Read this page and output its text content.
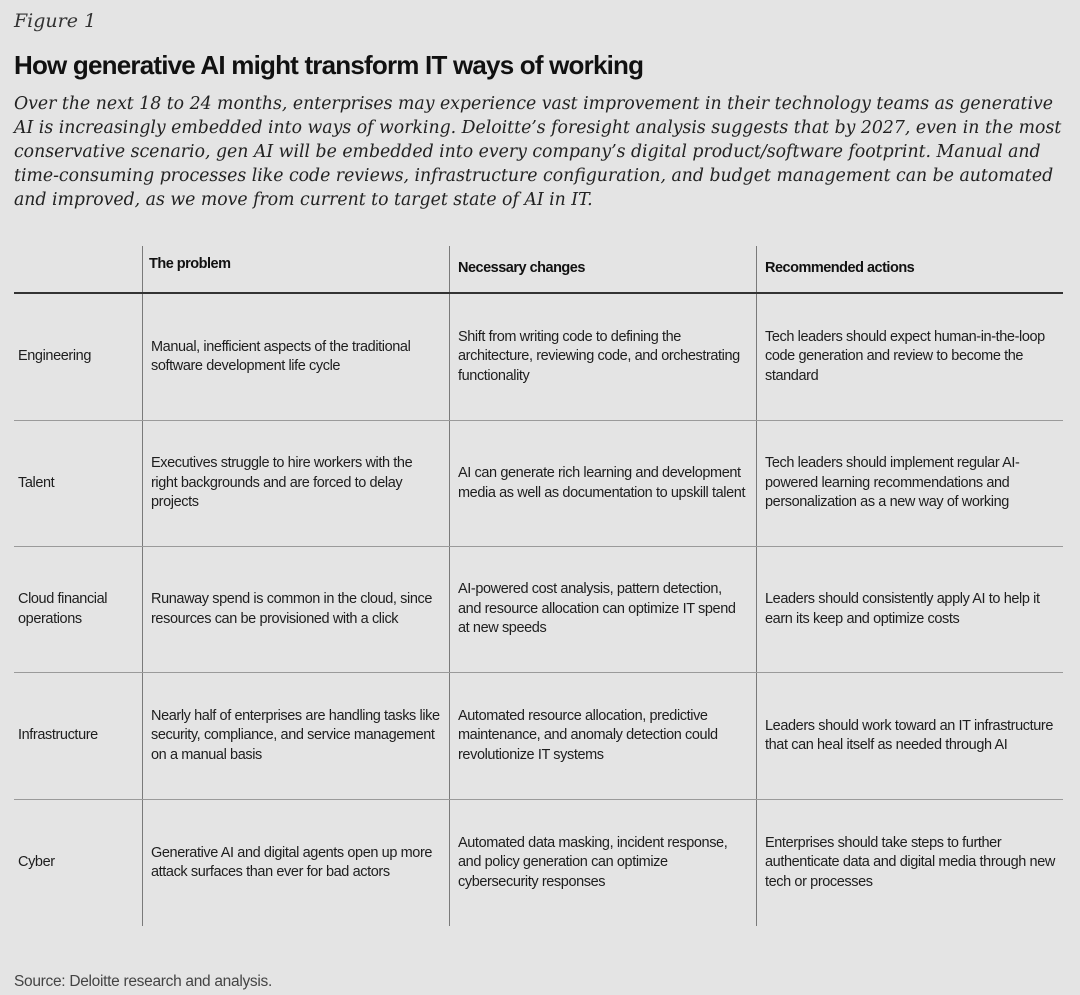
Figure 1
How generative AI might transform IT ways of working

Over the next 18 to 24 months, enterprises may experience vast improvement in their technology teams as generative AI is increasingly embedded into ways of working. Deloitte’s foresight analysis suggests that by 2027, even in the most conservative scenario, gen AI will be embedded into every company’s digital product/software footprint. Manual and time-consuming processes like code reviews, infrastructure configuration, and budget management can be automated and improved, as we move from current to target state of AI in IT.

The problem	Necessary changes	Recommended actions
Engineering
Manual, inefficient aspects of the traditional software development life cycle
Shift from writing code to defining the architecture, reviewing code, and orchestrating functionality
Tech leaders should expect human-in-the-loop code generation and review to become the standard
Talent
Executives struggle to hire workers with the right backgrounds and are forced to delay projects
AI can generate rich learning and development media as well as documentation to upskill talent
Tech leaders should implement regular AI-powered learning recommendations and personalization as a new way of working
Cloud financial operations
Runaway spend is common in the cloud, since resources can be provisioned with a click
AI-powered cost analysis, pattern detection, and resource allocation can optimize IT spend at new speeds
Leaders should consistently apply AI to help it earn its keep and optimize costs
Infrastructure
Nearly half of enterprises are handling tasks like security, compliance, and service management on a manual basis
Automated resource allocation, predictive maintenance, and anomaly detection could revolutionize IT systems
Leaders should work toward an IT infrastructure that can heal itself as needed through AI
Cyber
Generative AI and digital agents open up more attack surfaces than ever for bad actors
Automated data masking, incident response, and policy generation can optimize cybersecurity responses
Enterprises should take steps to further authenticate data and digital media through new tech or processes
Source: Deloitte research and analysis.
